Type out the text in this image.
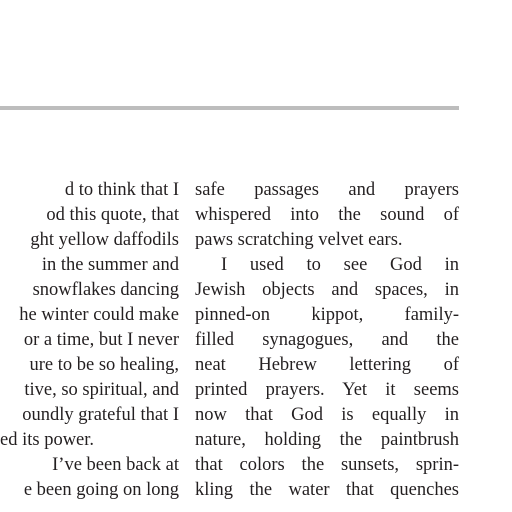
d to think that I
od this quote, that
ght yellow daffodils
in the summer and
snowflakes dancing
he winter could make
or a time, but I never
ure to be so healing,
tive, so spiritual, and
oundly grateful that I
ed its power.
I’ve been back at
e been going on long
safe passages and prayers
whispered into the sound of
paws scratching velvet ears.
I used to see God in
Jewish objects and spaces, in
pinned-on kippot, family-
filled synagogues, and the
neat Hebrew lettering of
printed prayers. Yet it seems
now that God is equally in
nature, holding the paintbrush
that colors the sunsets, sprin-
kling the water that quenches
